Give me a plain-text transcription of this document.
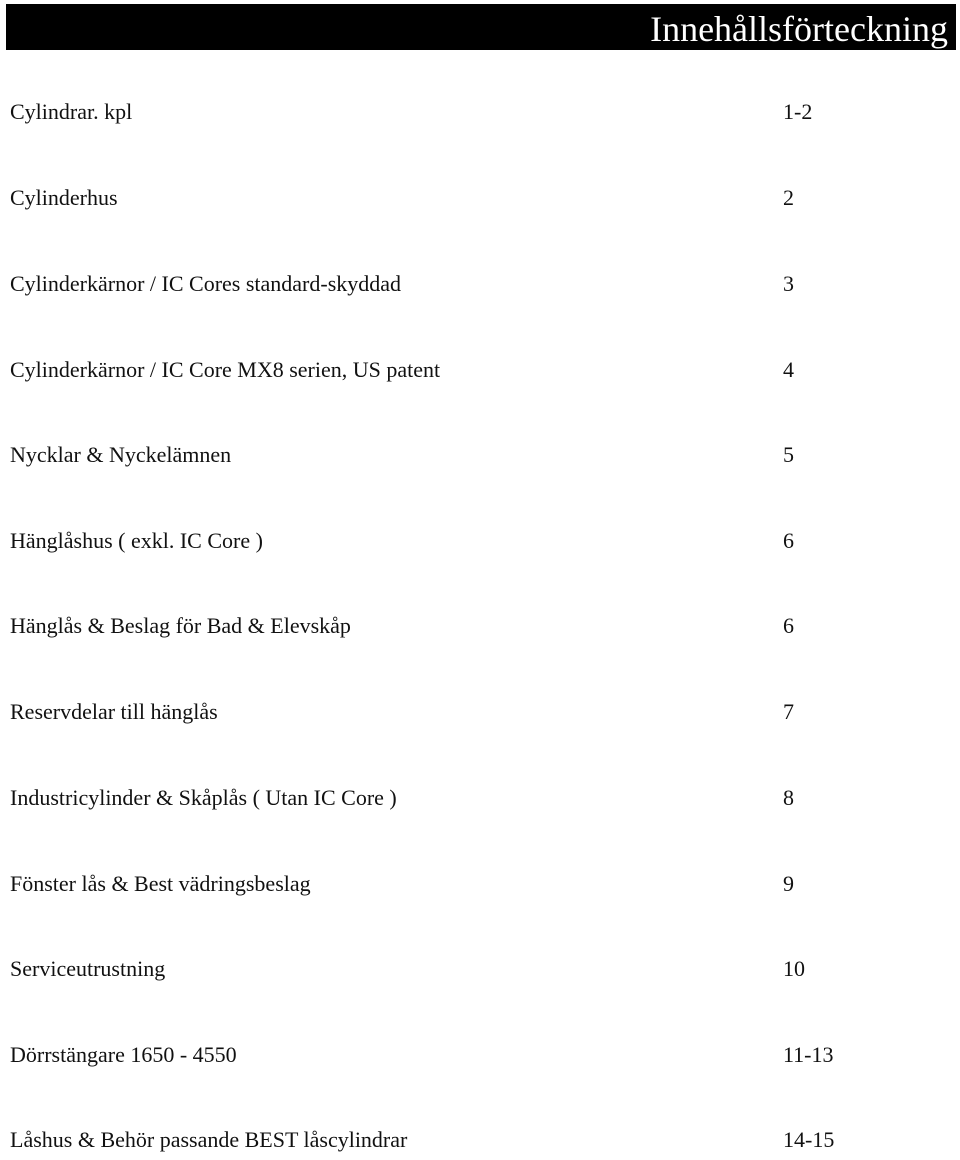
Innehållsförteckning
Cylindrar. kpl	1-2
Cylinderhus	2
Cylinderkärnor / IC Cores standard-skyddad	3
Cylinderkärnor / IC Core MX8 serien, US patent	4
Nycklar & Nyckelämnen	5
Hänglåshus ( exkl. IC Core )	6
Hänglås & Beslag för Bad & Elevskåp	6
Reservdelar till hänglås	7
Industricylinder & Skåplås ( Utan IC Core )	8
Fönster lås & Best vädringsbeslag	9
Serviceutrustning	10
Dörrstängare 1650 - 4550	11-13
Låshus & Behör passande BEST låscylindrar	14-15
